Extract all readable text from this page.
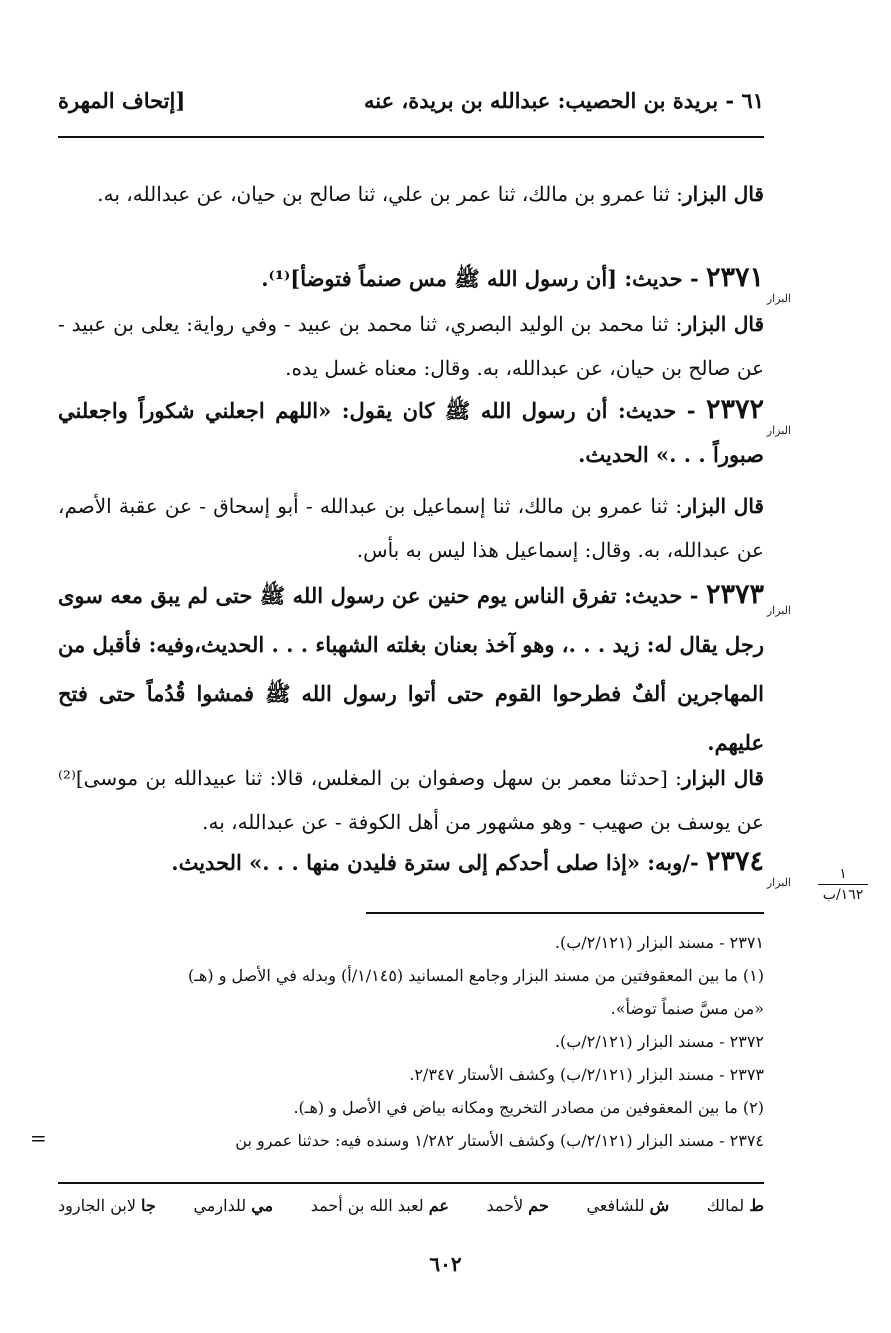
٦١ - بريدة بن الحصيب: عبدالله بن بريدة، عنه
[إتحاف المهرة

قال البزار: ثنا عمرو بن مالك، ثنا عمر بن علي، ثنا صالح بن حيان، عن عبدالله، به.

٢٣٧١ - حديث: [أن رسول الله ﷺ مس صنماً فتوضأ]⁽¹⁾.

البزار

قال البزار: ثنا محمد بن الوليد البصري، ثنا محمد بن عبيد - وفي رواية: يعلى بن عبيد - عن صالح بن حيان، عن عبدالله، به. وقال: معناه غسل يده.

٢٣٧٢ - حديث: أن رسول الله ﷺ كان يقول: «اللهم اجعلني شكوراً واجعلني صبوراً . . .» الحديث.

البزار

قال البزار: ثنا عمرو بن مالك، ثنا إسماعيل بن عبدالله - أبو إسحاق - عن عقبة الأصم، عن عبدالله، به. وقال: إسماعيل هذا ليس به بأس.

٢٣٧٣ - حديث: تفرق الناس يوم حنين عن رسول الله ﷺ حتى لم يبق معه سوى رجل يقال له: زيد . . .، وهو آخذ بعنان بغلته الشهباء . . . الحديث،وفيه: فأقبل من المهاجرين ألفٌ فطرحوا القوم حتى أتوا رسول الله ﷺ فمشوا قُدُماً حتى فتح عليهم.

البزار

قال البزار: [حدثنا معمر بن سهل وصفوان بن المغلس، قالا: ثنا عبيدالله بن موسى]⁽²⁾ عن يوسف بن صهيب - وهو مشهور من أهل الكوفة - عن عبدالله، به.

٢٣٧٤ -/وبه: «إذا صلى أحدكم إلى سترة فليدن منها . . .» الحديث.

البزار
١
١٦٢/ب

٢٣٧١ - مسند البزار (٢/١٢١/ب).

(١) ما بين المعقوفتين من مسند البزار وجامع المسانيد (١/١٤٥/أ) وبدله في الأصل و (هـ)

«من مسَّ صنماً توضأ».

٢٣٧٢ - مسند البزار (٢/١٢١/ب).

٢٣٧٣ - مسند البزار (٢/١٢١/ب) وكشف الأستار ٢/٣٤٧.

(٢) ما بين المعقوفين من مصادر التخريج ومكانه بياض في الأصل و (هـ).

٢٣٧٤ - مسند البزار (٢/١٢١/ب) وكشف الأستار ١/٢٨٢ وسنده فيه: حدثنا عمرو بن

=
ط لمالك
ش للشافعي
حم لأحمد
عم لعبد الله بن أحمد
مي للدارمي
جا لابن الجارود
٦٠٢
